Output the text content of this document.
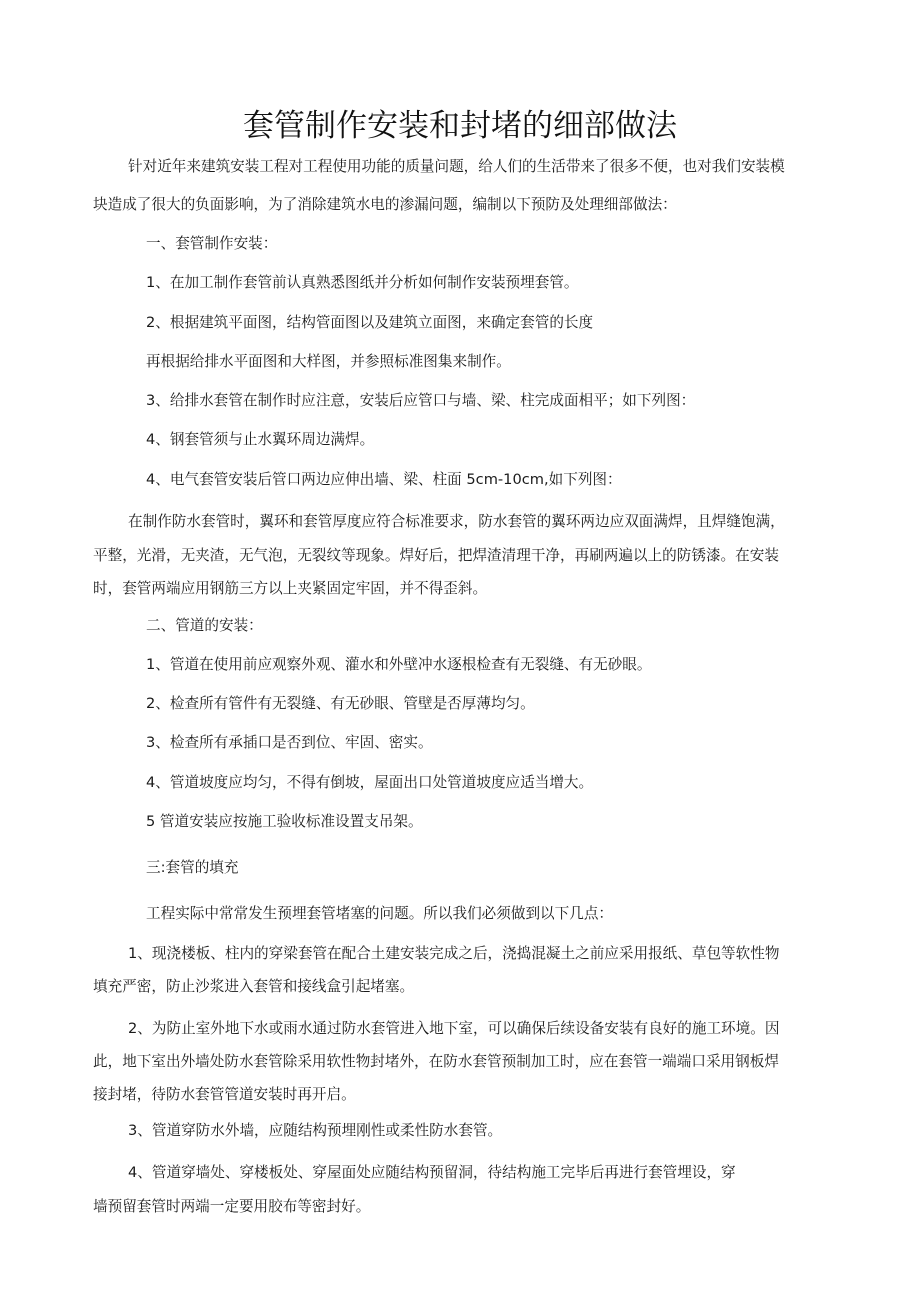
套管制作安装和封堵的细部做法

针对近年来建筑安装工程对工程使用功能的质量问题，给人们的生活带来了很多不便，也对我们安装模

块造成了很大的负面影响，为了消除建筑水电的渗漏问题，编制以下预防及处理细部做法：

一、套管制作安装：

1、在加工制作套管前认真熟悉图纸并分析如何制作安装预埋套管。

2、根据建筑平面图，结构管面图以及建筑立面图，来确定套管的长度

再根据给排水平面图和大样图，并参照标准图集来制作。

3、给排水套管在制作时应注意，安装后应管口与墙、梁、柱完成面相平；如下列图：

4、钢套管须与止水翼环周边满焊。

4、电气套管安装后管口两边应伸出墙、梁、柱面 5cm-10cm,如下列图：

在制作防水套管时，翼环和套管厚度应符合标准要求，防水套管的翼环两边应双面满焊，且焊缝饱满，

平整，光滑，无夹渣，无气泡，无裂纹等现象。焊好后，把焊渣清理干净，再刷两遍以上的防锈漆。在安装

时，套管两端应用钢筋三方以上夹紧固定牢固，并不得歪斜。

二、管道的安装：

1、管道在使用前应观察外观、灌水和外壁冲水逐根检查有无裂缝、有无砂眼。

2、检查所有管件有无裂缝、有无砂眼、管壁是否厚薄均匀。

3、检查所有承插口是否到位、牢固、密实。

4、管道坡度应均匀，不得有倒坡，屋面出口处管道坡度应适当增大。

5 管道安装应按施工验收标准设置支吊架。

三:套管的填充

工程实际中常常发生预埋套管堵塞的问题。所以我们必须做到以下几点：

1、现浇楼板、柱内的穿梁套管在配合土建安装完成之后，浇捣混凝土之前应采用报纸、草包等软性物

填充严密，防止沙浆进入套管和接线盒引起堵塞。

2、为防止室外地下水或雨水通过防水套管进入地下室，可以确保后续设备安装有良好的施工环境。因

此，地下室出外墙处防水套管除采用软性物封堵外，在防水套管预制加工时，应在套管一端端口采用钢板焊

接封堵，待防水套管管道安装时再开启。

3、管道穿防水外墙，应随结构预埋刚性或柔性防水套管。

4、管道穿墙处、穿楼板处、穿屋面处应随结构预留洞，待结构施工完毕后再进行套管埋设，穿

墙预留套管时两端一定要用胶布等密封好。
